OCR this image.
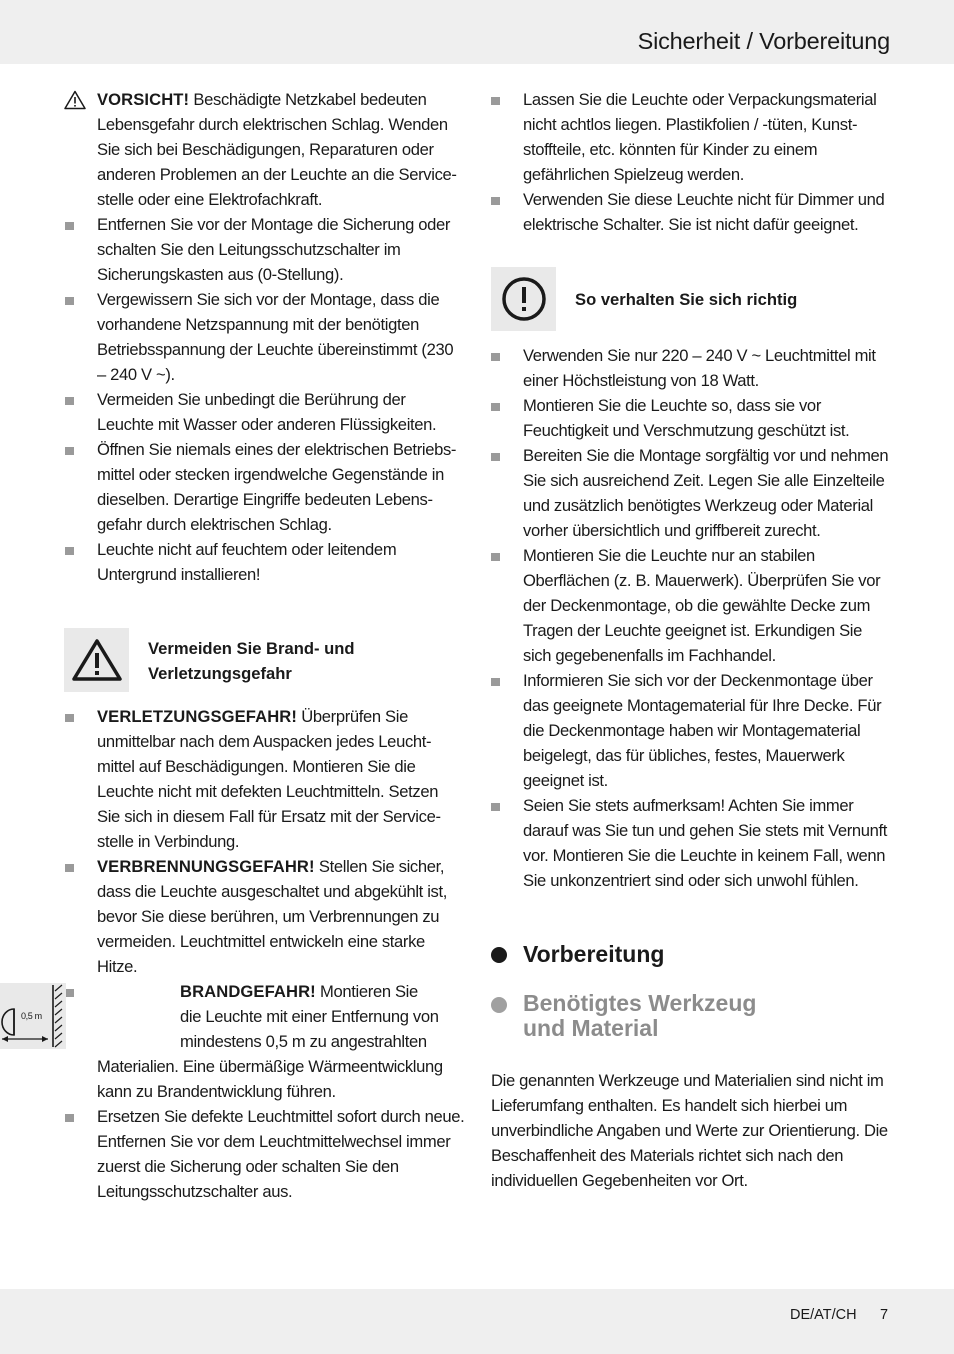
Sicherheit / Vorbereitung
VORSICHT! Beschädigte Netzkabel bedeuten Lebensgefahr durch elektrischen Schlag. Wenden Sie sich bei Beschädigungen, Reparaturen oder anderen Problemen an der Leuchte an die Service-stelle oder eine Elektrofachkraft.
Entfernen Sie vor der Montage die Sicherung oder schalten Sie den Leitungsschutzschalter im Sicherungskasten aus (0-Stellung).
Vergewissern Sie sich vor der Montage, dass die vorhandene Netzspannung mit der benötigten Betriebsspannung der Leuchte übereinstimmt (230 – 240 V ~).
Vermeiden Sie unbedingt die Berührung der Leuchte mit Wasser oder anderen Flüssigkeiten.
Öffnen Sie niemals eines der elektrischen Betriebs-mittel oder stecken irgendwelche Gegenstände in dieselben. Derartige Eingriffe bedeuten Lebens-gefahr durch elektrischen Schlag.
Leuchte nicht auf feuchtem oder leitendem Untergrund installieren!
Vermeiden Sie Brand- und Verletzungsgefahr
VERLETZUNGSGEFAHR! Überprüfen Sie unmittelbar nach dem Auspacken jedes Leucht-mittel auf Beschädigungen. Montieren Sie die Leuchte nicht mit defekten Leuchtmitteln. Setzen Sie sich in diesem Fall für Ersatz mit der Service-stelle in Verbindung.
VERBRENNUNGSGEFAHR! Stellen Sie sicher, dass die Leuchte ausgeschaltet und abgekühlt ist, bevor Sie diese berühren, um Verbrennungen zu vermeiden. Leuchtmittel entwickeln eine starke Hitze.
0,5 m
BRANDGEFAHR! Montieren Sie
die Leuchte mit einer Entfernung von
mindestens 0,5 m zu angestrahlten
Materialien. Eine übermäßige Wärmeentwicklung kann zu Brandentwicklung führen.
Ersetzen Sie defekte Leuchtmittel sofort durch neue. Entfernen Sie vor dem Leuchtmittelwechsel immer zuerst die Sicherung oder schalten Sie den Leitungsschutzschalter aus.
Lassen Sie die Leuchte oder Verpackungsmaterial nicht achtlos liegen. Plastikfolien / -tüten, Kunst-stoffteile, etc. könnten für Kinder zu einem gefährlichen Spielzeug werden.
Verwenden Sie diese Leuchte nicht für Dimmer und elektrische Schalter. Sie ist nicht dafür geeignet.
So verhalten Sie sich richtig
Verwenden Sie nur 220 – 240 V ~ Leuchtmittel mit einer Höchstleistung von 18 Watt.
Montieren Sie die Leuchte so, dass sie vor Feuchtigkeit und Verschmutzung geschützt ist.
Bereiten Sie die Montage sorgfältig vor und nehmen Sie sich ausreichend Zeit. Legen Sie alle Einzelteile und zusätzlich benötigtes Werkzeug oder Material vorher übersichtlich und griffbereit zurecht.
Montieren Sie die Leuchte nur an stabilen Oberflächen (z. B. Mauerwerk). Überprüfen Sie vor der Deckenmontage, ob die gewählte Decke zum Tragen der Leuchte geeignet ist. Erkundigen Sie sich gegebenenfalls im Fachhandel.
Informieren Sie sich vor der Deckenmontage über das geeignete Montagematerial für Ihre Decke. Für die Deckenmontage haben wir Montagematerial beigelegt, das für übliches, festes, Mauerwerk geeignet ist.
Seien Sie stets aufmerksam! Achten Sie immer darauf was Sie tun und gehen Sie stets mit Vernunft vor. Montieren Sie die Leuchte in keinem Fall, wenn Sie unkonzentriert sind oder sich unwohl fühlen.
Vorbereitung
Benötigtes Werkzeug
und Material
Die genannten Werkzeuge und Materialien sind nicht im Lieferumfang enthalten. Es handelt sich hierbei um unverbindliche Angaben und Werte zur Orientierung. Die Beschaffenheit des Materials richtet sich nach den individuellen Gegebenheiten vor Ort.
DE/AT/CH 7
